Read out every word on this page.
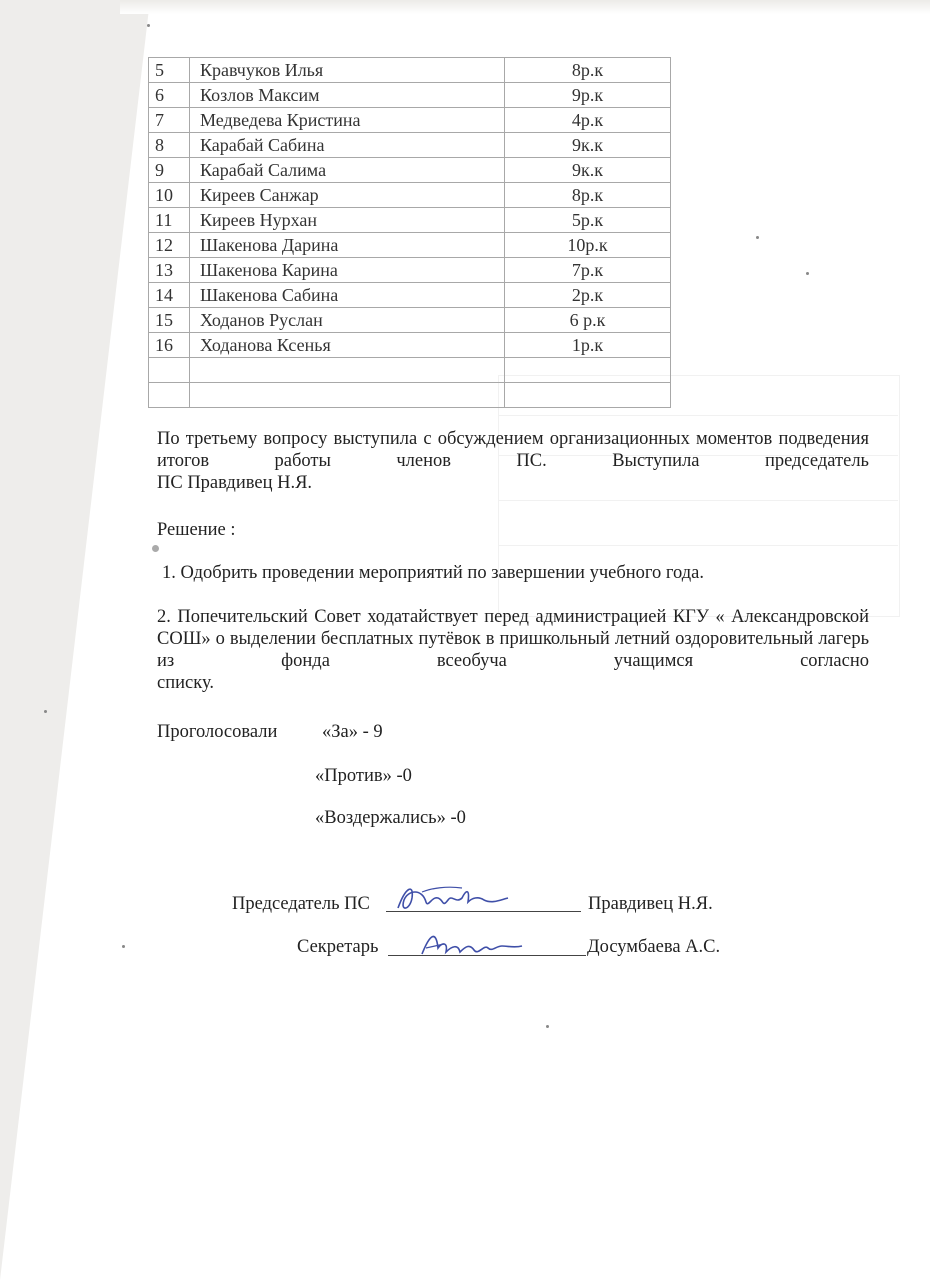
5	Кравчуков Илья	8р.к
6	Козлов Максим	9р.к
7	Медведева Кристина	4р.к
8	Карабай Сабина	9к.к
9	Карабай Салима	9к.к
10	Киреев Санжар	8р.к
11	Киреев Нурхан	5р.к
12	Шакенова Дарина	10р.к
13	Шакенова Карина	7р.к
14	Шакенова Сабина	2р.к
15	Ходанов Руслан	6 р.к
16	Ходанова Ксенья	1р.к

По третьему вопросу выступила с обсуждением организационных моментов подведения итогов работы членов ПС. Выступила председатель
ПС Правдивец Н.Я.
Решение :
1. Одобрить проведении мероприятий по завершении учебного года.
2. Попечительский Совет ходатайствует перед администрацией КГУ « Александровской СОШ» о выделении бесплатных путёвок в пришкольный летний оздоровительный лагерь из фонда всеобуча учащимся согласно
списку.
Проголосовали «За» - 9
«Против» -0
«Воздержались» -0
Председатель ПС	Правдивец Н.Я.
Секретарь	Досумбаева А.С.
